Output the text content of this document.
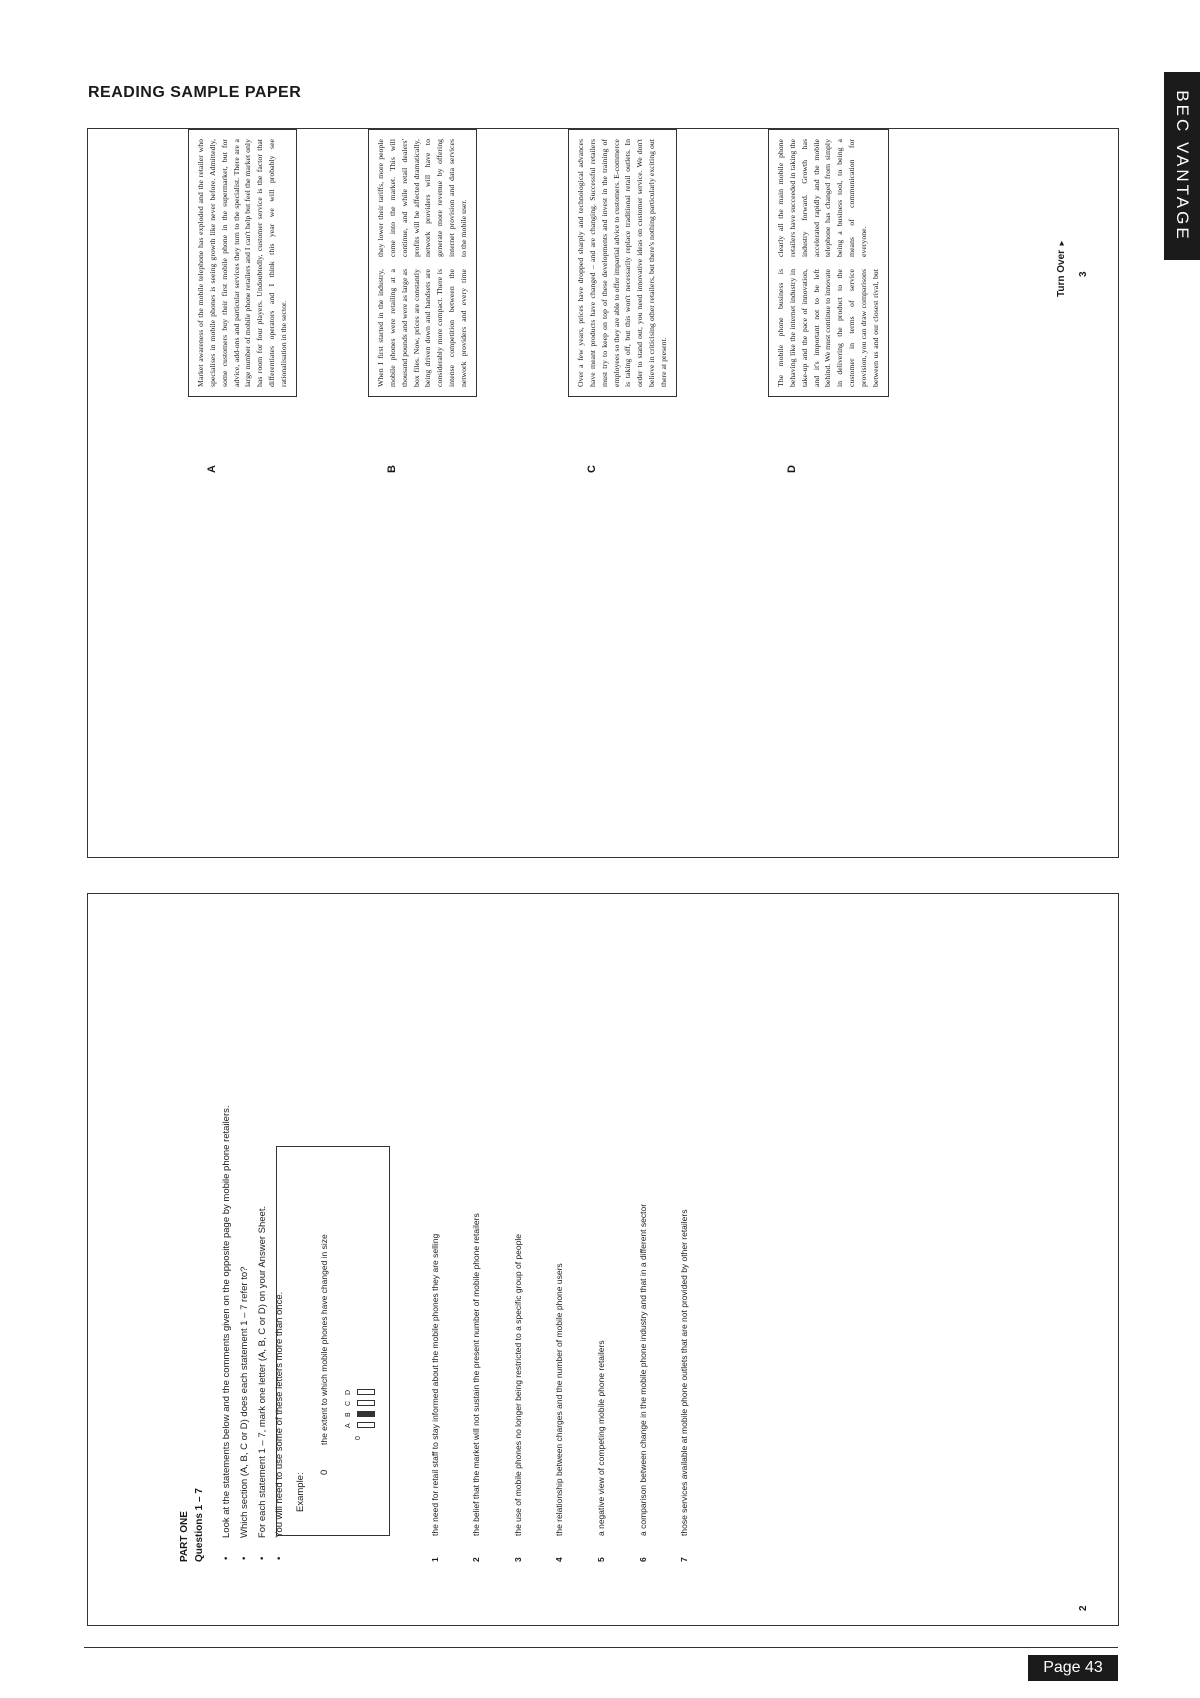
READING SAMPLE PAPER	BEC VANTAGE
A

Market awareness of the mobile telephone has exploded and the retailer who specialises in mobile phones is seeing growth like never before. Admittedly, some customers buy their first mobile phone in the supermarket, but for advice, add-ons and particular services they turn to the specialist. There are a large number of mobile phone retailers and I can't help but feel the market only has room for four players. Undoubtedly, customer service is the factor that differentiates operators and I think this year we will probably see rationalisation in the sector.

B

When I first started in the industry, mobile phones were retailing at a thousand pounds and were as large as box files. Now, prices are constantly being driven down and handsets are considerably more compact. There is intense competition between the network providers and every time they lower their tariffs, more people come into the market. This will continue, and while retail dealers' profits will be affected dramatically, network providers will have to generate more revenue by offering internet provision and data services to the mobile user.

C

Over a few years, prices have dropped sharply and technological advances have meant products have changed – and are changing. Successful retailers must try to keep on top of these developments and invest in the training of employees so they are able to offer impartial advice to customers. E-commerce is taking off, but this won't necessarily replace traditional retail outlets. In order to stand out, you need innovative ideas on customer service. We don't believe in criticising other retailers, but there's nothing particularly exciting out there at present.

D

The mobile phone business is behaving like the internet industry in take-up and the pace of innovation, and it's important not to be left behind. We must continue to innovate in delivering the product to the customer in terms of service provision, you can draw comparisons between us and our closest rival, but clearly all the main mobile phone retailers have succeeded in taking the industry forward. Growth has accelerated rapidly and the mobile telephone has changed from simply being a business tool, to being a means of communication for everyone.

Turn Over ►
3
PART ONE Questions 1 – 7 •
Look at the statements below and the comments given on the opposite page by mobile phone retailers.
•
Which section (A, B, C or D) does each statement 1 – 7 refer to?
•
For each statement 1 – 7, mark one letter (A, B, C or D) on your Answer Sheet.
•
You will need to use some of these letters more than once. Example:
0
the extent to which mobile phones have changed in size	0
A
B
C
D
1
the need for retail staff to stay informed about the mobile phones they are selling
2
the belief that the market will not sustain the present number of mobile phone retailers
3
the use of mobile phones no longer being restricted to a specific group of people
4
the relationship between charges and the number of mobile phone users
5
a negative view of competing mobile phone retailers
6
a comparison between change in the mobile phone industry and that in a different sector
7
those services available at mobile phone outlets that are not provided by other retailers
2
Page 43
